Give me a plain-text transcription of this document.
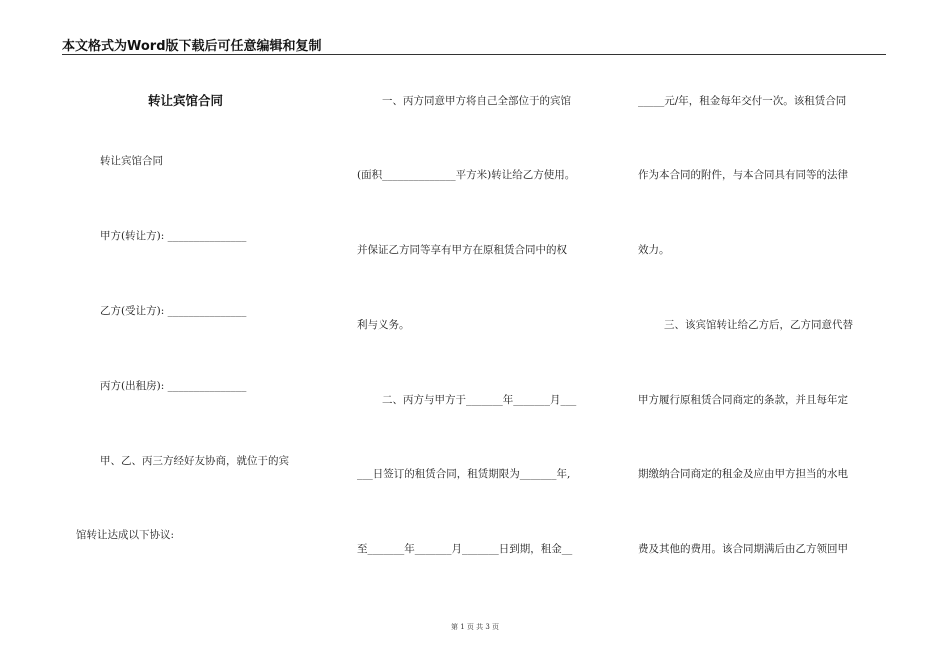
本文格式为Word版下载后可任意编辑和复制
转让宾馆合同
转让宾馆合同
甲方(转让方): _______________
乙方(受让方): _______________
丙方(出租房): _______________
甲、乙、丙三方经好友协商，就位于的宾
馆转让达成以下协议:
一、丙方同意甲方将自己全部位于的宾馆
(面积______________平方米)转让给乙方使用。
并保证乙方同等享有甲方在原租赁合同中的权
利与义务。
二、丙方与甲方于_______年_______月___
___日签订的租赁合同，租赁期限为_______年,
至_______年_______月_______日到期，租金__
_____元/年，租金每年交付一次。该租赁合同
作为本合同的附件，与本合同具有同等的法律
效力。
三、该宾馆转让给乙方后，乙方同意代替
甲方履行原租赁合同商定的条款，并且每年定
期缴纳合同商定的租金及应由甲方担当的水电
费及其他的费用。该合同期满后由乙方领回甲
第 1 页 共 3 页
